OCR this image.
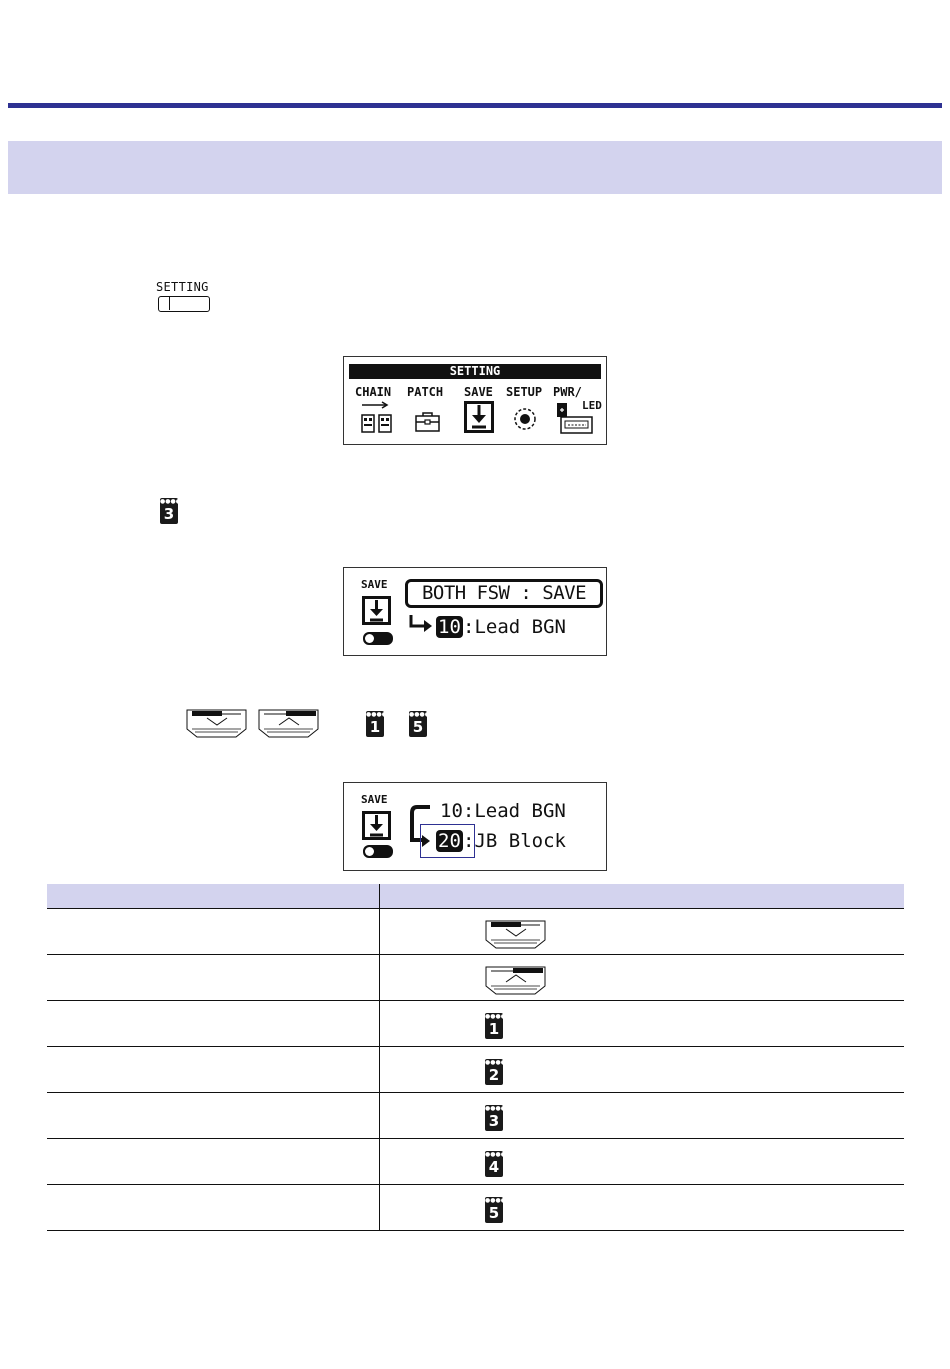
SETTING
SETTING
CHAIN PATCH SAVE SETUP PWR/
LED
●●●●
3
SAVE	BOTH FSW : SAVE
10 :Lead BGN
●●●●
1
●●●●
5
SAVE
10:Lead BGN
20 :JB Block

	●●●●
1

	●●●●
2

	●●●●
3

	●●●●
4

	●●●●
5
